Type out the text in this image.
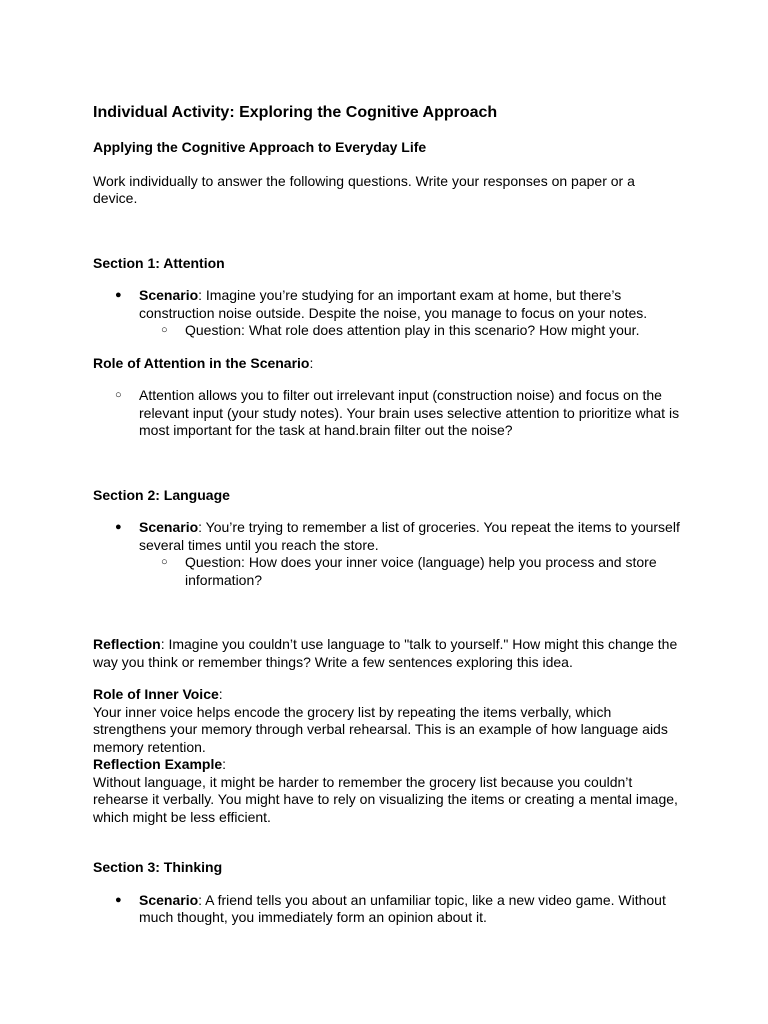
Individual Activity: Exploring the Cognitive Approach

Applying the Cognitive Approach to Everyday Life

Work individually to answer the following questions. Write your responses on paper or a device.

Section 1: Attention

● Scenario: Imagine you’re studying for an important exam at home, but there’s construction noise outside. Despite the noise, you manage to focus on your notes.
○ Question: What role does attention play in this scenario? How might your.

Role of Attention in the Scenario:

○ Attention allows you to filter out irrelevant input (construction noise) and focus on the relevant input (your study notes). Your brain uses selective attention to prioritize what is most important for the task at hand.brain filter out the noise?

Section 2: Language

● Scenario: You’re trying to remember a list of groceries. You repeat the items to yourself several times until you reach the store.
○ Question: How does your inner voice (language) help you process and store information?

Reflection: Imagine you couldn’t use language to "talk to yourself." How might this change the way you think or remember things? Write a few sentences exploring this idea.

Role of Inner Voice:

Your inner voice helps encode the grocery list by repeating the items verbally, which strengthens your memory through verbal rehearsal. This is an example of how language aids memory retention.

Reflection Example:

Without language, it might be harder to remember the grocery list because you couldn’t rehearse it verbally. You might have to rely on visualizing the items or creating a mental image, which might be less efficient.

Section 3: Thinking

● Scenario: A friend tells you about an unfamiliar topic, like a new video game. Without much thought, you immediately form an opinion about it.
